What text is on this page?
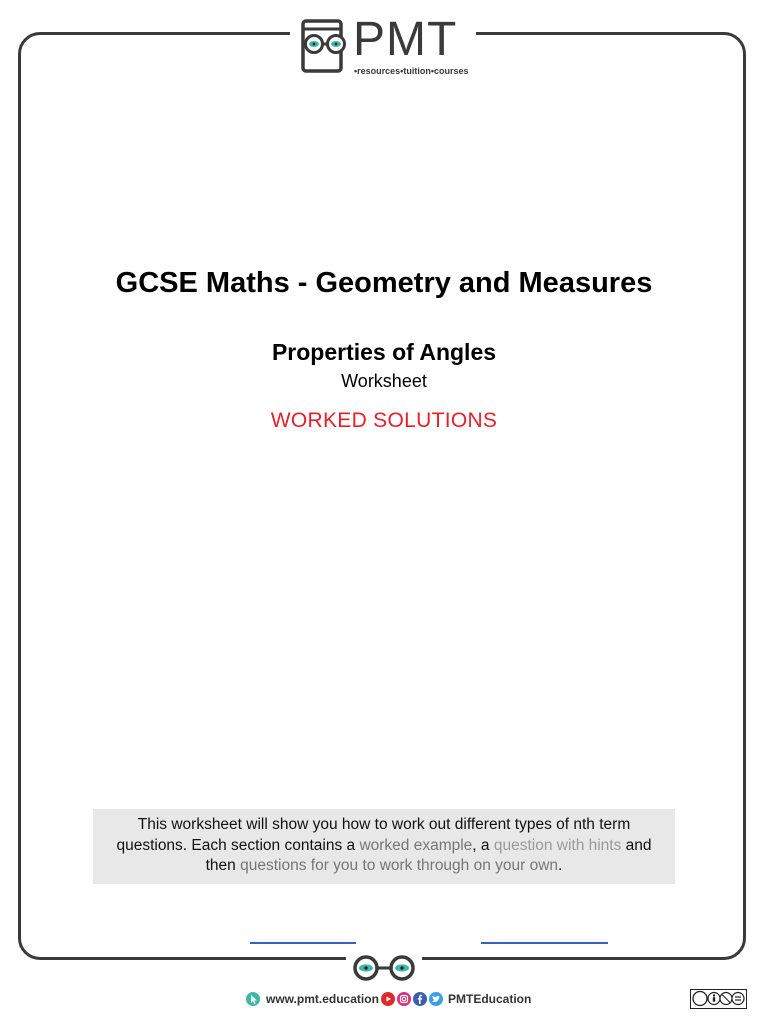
PMT
•resources•tuition•courses
GCSE Maths - Geometry and Measures
Properties of Angles
Worksheet
WORKED SOLUTIONS
This worksheet will show you how to work out different types of nth term questions. Each section contains a worked example, a question with hints and then questions for you to work through on your own.
www.pmt.education	PMTEducation
